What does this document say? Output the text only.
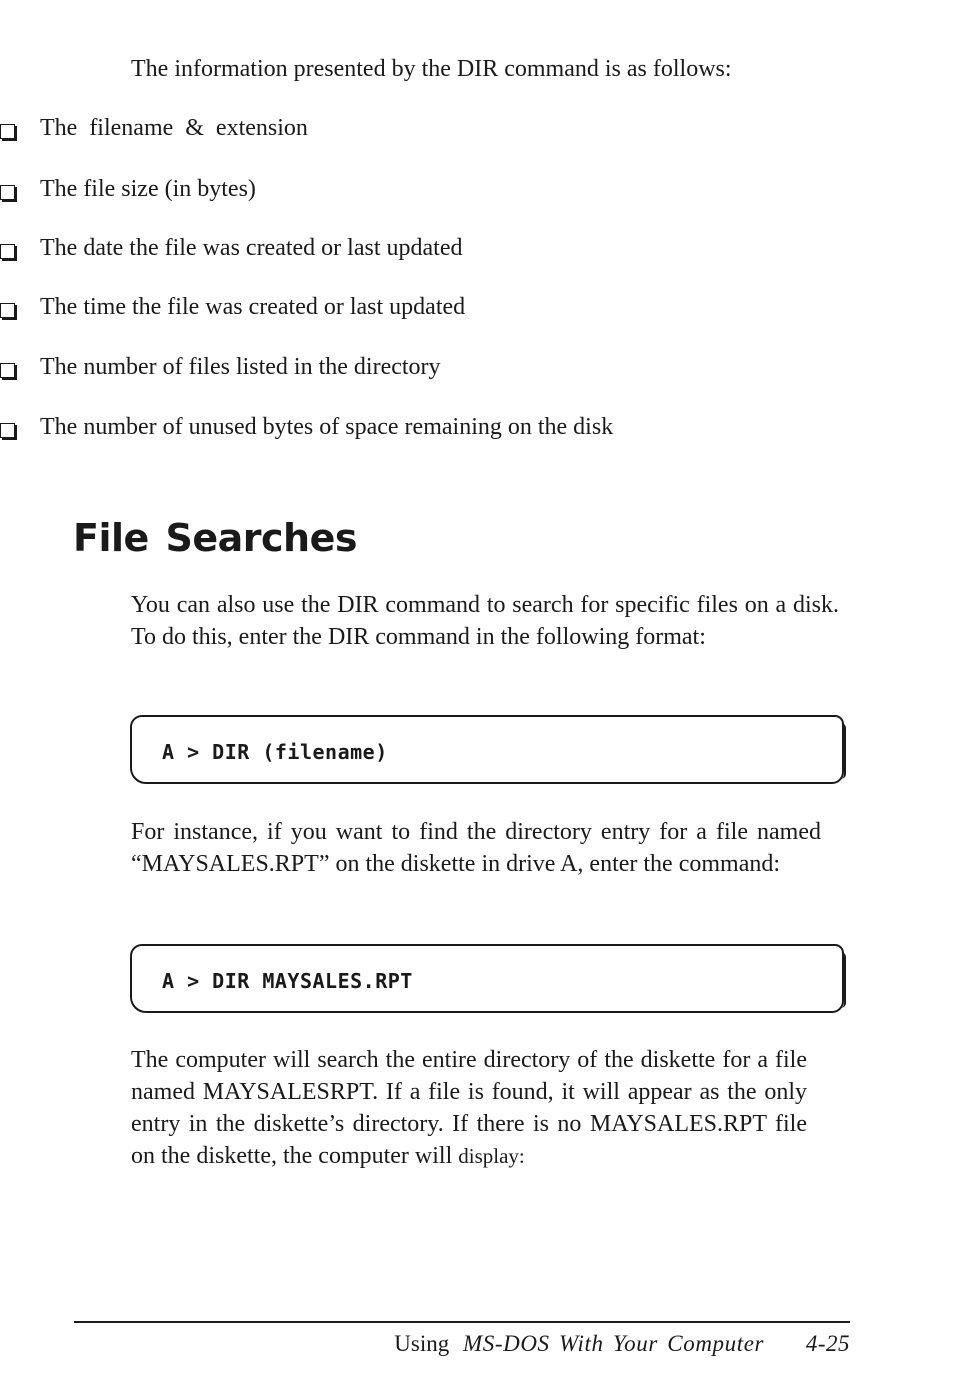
The information presented by the DIR command is as follows:

The filename & extension
The file size (in bytes)
The date the file was created or last updated
The time the file was created or last updated
The number of files listed in the directory
The number of unused bytes of space remaining on the disk
File Searches

You can also use the DIR command to search for specific files on a disk. To do this, enter the DIR command in the following format:

A > DIR (filename)

For instance, if you want to find the directory entry for a file named “MAYSALES.RPT” on the diskette in drive A, enter the command:

A > DIR MAYSALES.RPT

The computer will search the entire directory of the diskette for a file named MAYSALESRPT. If a file is found, it will appear as the only entry in the diskette’s directory. If there is no MAYSALES.RPT file on the diskette, the computer will display:

Using MS-DOS With Your Computer 4-25
